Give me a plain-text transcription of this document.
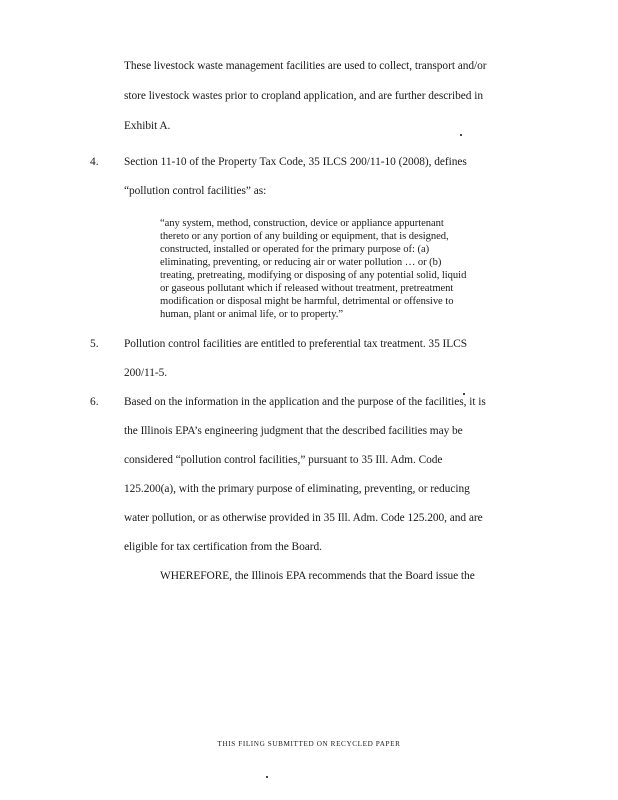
These livestock waste management facilities are used to collect, transport and/or
store livestock wastes prior to cropland application, and are further described in
Exhibit A.
4. Section 11-10 of the Property Tax Code, 35 ILCS 200/11-10 (2008), defines
“pollution control facilities” as:
“any system, method, construction, device or appliance appurtenant
thereto or any portion of any building or equipment, that is designed,
constructed, installed or operated for the primary purpose of: (a)
eliminating, preventing, or reducing air or water pollution … or (b)
treating, pretreating, modifying or disposing of any potential solid, liquid
or gaseous pollutant which if released without treatment, pretreatment
modification or disposal might be harmful, detrimental or offensive to
human, plant or animal life, or to property.”
5. Pollution control facilities are entitled to preferential tax treatment. 35 ILCS
200/11-5.
6. Based on the information in the application and the purpose of the facilities, it is
the Illinois EPA’s engineering judgment that the described facilities may be
considered “pollution control facilities,” pursuant to 35 Ill. Adm. Code
125.200(a), with the primary purpose of eliminating, preventing, or reducing
water pollution, or as otherwise provided in 35 Ill. Adm. Code 125.200, and are
eligible for tax certification from the Board.
WHEREFORE, the Illinois EPA recommends that the Board issue the
THIS FILING SUBMITTED ON RECYCLED PAPER
